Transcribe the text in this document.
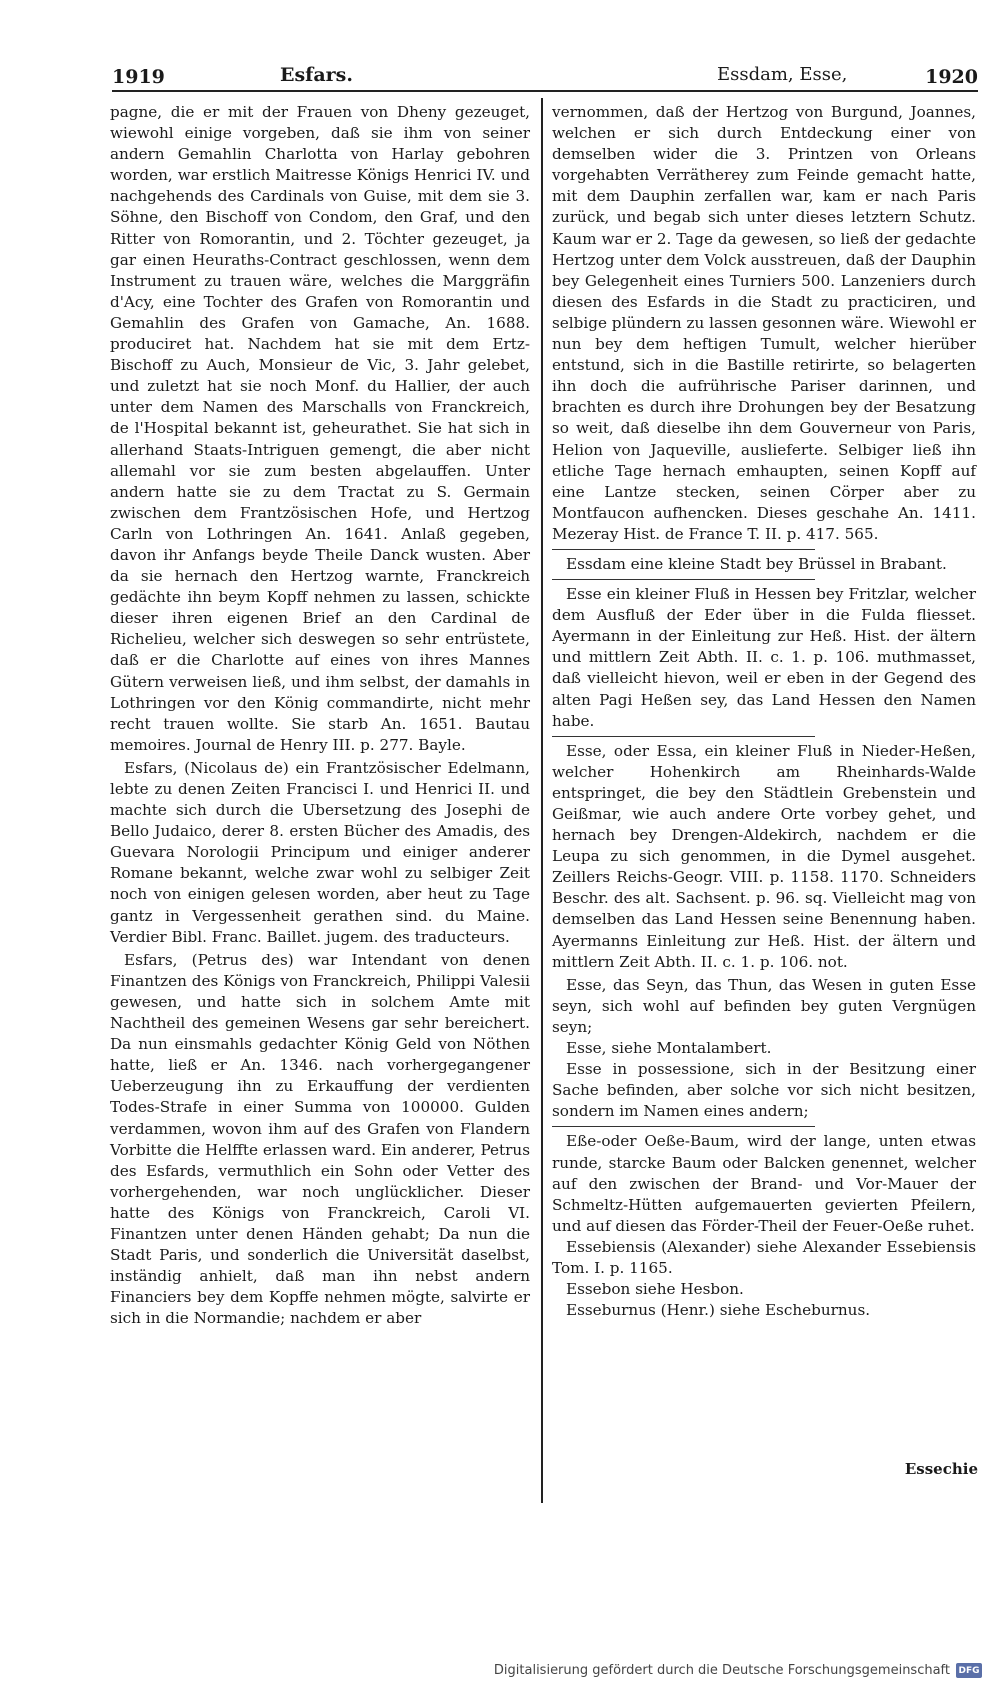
1919	Esfars.	Essdam, Esse,	1920

pagne, die er mit der Frauen von Dheny gezeuget, wiewohl einige vorgeben, daß sie ihm von seiner andern Gemahlin Charlotta von Harlay gebohren worden, war erstlich Maitresse Königs Henrici IV. und nachgehends des Cardinals von Guise, mit dem sie 3. Söhne, den Bischoff von Condom, den Graf, und den Ritter von Romorantin, und 2. Töchter gezeuget, ja gar einen Heuraths-Contract geschlossen, wenn dem Instrument zu trauen wäre, welches die Marggräfin d'Acy, eine Tochter des Grafen von Romorantin und Gemahlin des Grafen von Gamache, An. 1688. produciret hat. Nachdem hat sie mit dem Ertz-Bischoff zu Auch, Monsieur de Vic, 3. Jahr gelebet, und zuletzt hat sie noch Monf. du Hallier, der auch unter dem Namen des Marschalls von Franckreich, de l'Hospital bekannt ist, geheurathet. Sie hat sich in allerhand Staats-Intriguen gemengt, die aber nicht allemahl vor sie zum besten abgelauffen. Unter andern hatte sie zu dem Tractat zu S. Germain zwischen dem Frantzösischen Hofe, und Hertzog Carln von Lothringen An. 1641. Anlaß gegeben, davon ihr Anfangs beyde Theile Danck wusten. Aber da sie hernach den Hertzog warnte, Franckreich gedächte ihn beym Kopff nehmen zu lassen, schickte dieser ihren eigenen Brief an den Cardinal de Richelieu, welcher sich deswegen so sehr entrüstete, daß er die Charlotte auf eines von ihres Mannes Gütern verweisen ließ, und ihm selbst, der damahls in Lothringen vor den König commandirte, nicht mehr recht trauen wollte. Sie starb An. 1651. Bautau memoires. Journal de Henry III. p. 277. Bayle.

Esfars, (Nicolaus de) ein Frantzösischer Edelmann, lebte zu denen Zeiten Francisci I. und Henrici II. und machte sich durch die Ubersetzung des Josephi de Bello Judaico, derer 8. ersten Bücher des Amadis, des Guevara Norologii Principum und einiger anderer Romane bekannt, welche zwar wohl zu selbiger Zeit noch von einigen gelesen worden, aber heut zu Tage gantz in Vergessenheit gerathen sind. du Maine. Verdier Bibl. Franc. Baillet. jugem. des traducteurs.

Esfars, (Petrus des) war Intendant von denen Finantzen des Königs von Franckreich, Philippi Valesii gewesen, und hatte sich in solchem Amte mit Nachtheil des gemeinen Wesens gar sehr bereichert. Da nun einsmahls gedachter König Geld von Nöthen hatte, ließ er An. 1346. nach vorhergegangener Ueberzeugung ihn zu Erkauffung der verdienten Todes-Strafe in einer Summa von 100000. Gulden verdammen, wovon ihm auf des Grafen von Flandern Vorbitte die Helffte erlassen ward. Ein anderer, Petrus des Esfards, vermuthlich ein Sohn oder Vetter des vorhergehenden, war noch unglücklicher. Dieser hatte des Königs von Franckreich, Caroli VI. Finantzen unter denen Händen gehabt; Da nun die Stadt Paris, und sonderlich die Universität daselbst, inständig anhielt, daß man ihn nebst andern Financiers bey dem Kopffe nehmen mögte, salvirte er sich in die Normandie; nachdem er aber

vernommen, daß der Hertzog von Burgund, Joannes, welchen er sich durch Entdeckung einer von demselben wider die 3. Printzen von Orleans vorgehabten Verrätherey zum Feinde gemacht hatte, mit dem Dauphin zerfallen war, kam er nach Paris zurück, und begab sich unter dieses letztern Schutz. Kaum war er 2. Tage da gewesen, so ließ der gedachte Hertzog unter dem Volck ausstreuen, daß der Dauphin bey Gelegenheit eines Turniers 500. Lanzeniers durch diesen des Esfards in die Stadt zu practiciren, und selbige plündern zu lassen gesonnen wäre. Wiewohl er nun bey dem heftigen Tumult, welcher hierüber entstund, sich in die Bastille retirirte, so belagerten ihn doch die aufrührische Pariser darinnen, und brachten es durch ihre Drohungen bey der Besatzung so weit, daß dieselbe ihn dem Gouverneur von Paris, Helion von Jaqueville, auslieferte. Selbiger ließ ihn etliche Tage hernach emhaupten, seinen Kopff auf eine Lantze stecken, seinen Cörper aber zu Montfaucon aufhencken. Dieses geschahe An. 1411. Mezeray Hist. de France T. II. p. 417. 565.

Essdam eine kleine Stadt bey Brüssel in Brabant.

Esse ein kleiner Fluß in Hessen bey Fritzlar, welcher dem Ausfluß der Eder über in die Fulda fliesset. Ayermann in der Einleitung zur Heß. Hist. der ältern und mittlern Zeit Abth. II. c. 1. p. 106. muthmasset, daß vielleicht hievon, weil er eben in der Gegend des alten Pagi Heßen sey, das Land Hessen den Namen habe.

Esse, oder Essa, ein kleiner Fluß in Nieder-Heßen, welcher Hohenkirch am Rheinhards-Walde entspringet, die bey den Städtlein Grebenstein und Geißmar, wie auch andere Orte vorbey gehet, und hernach bey Drengen-Aldekirch, nachdem er die Leupa zu sich genommen, in die Dymel ausgehet. Zeillers Reichs-Geogr. VIII. p. 1158. 1170. Schneiders Beschr. des alt. Sachsent. p. 96. sq. Vielleicht mag von demselben das Land Hessen seine Benennung haben. Ayermanns Einleitung zur Heß. Hist. der ältern und mittlern Zeit Abth. II. c. 1. p. 106. not.

Esse, das Seyn, das Thun, das Wesen in guten Esse seyn, sich wohl auf befinden bey guten Vergnügen seyn;

Esse, siehe Montalambert.

Esse in possessione, sich in der Besitzung einer Sache befinden, aber solche vor sich nicht besitzen, sondern im Namen eines andern;

Eße-oder Oeße-Baum, wird der lange, unten etwas runde, starcke Baum oder Balcken genennet, welcher auf den zwischen der Brand- und Vor-Mauer der Schmeltz-Hütten aufgemauerten gevierten Pfeilern, und auf diesen das Förder-Theil der Feuer-Oeße ruhet.

Essebiensis (Alexander) siehe Alexander Essebiensis Tom. I. p. 1165.

Essebon siehe Hesbon.

Esseburnus (Henr.) siehe Escheburnus.

Essechie
Digitalisierung gefördert durch die Deutsche Forschungsgemeinschaft DFG
